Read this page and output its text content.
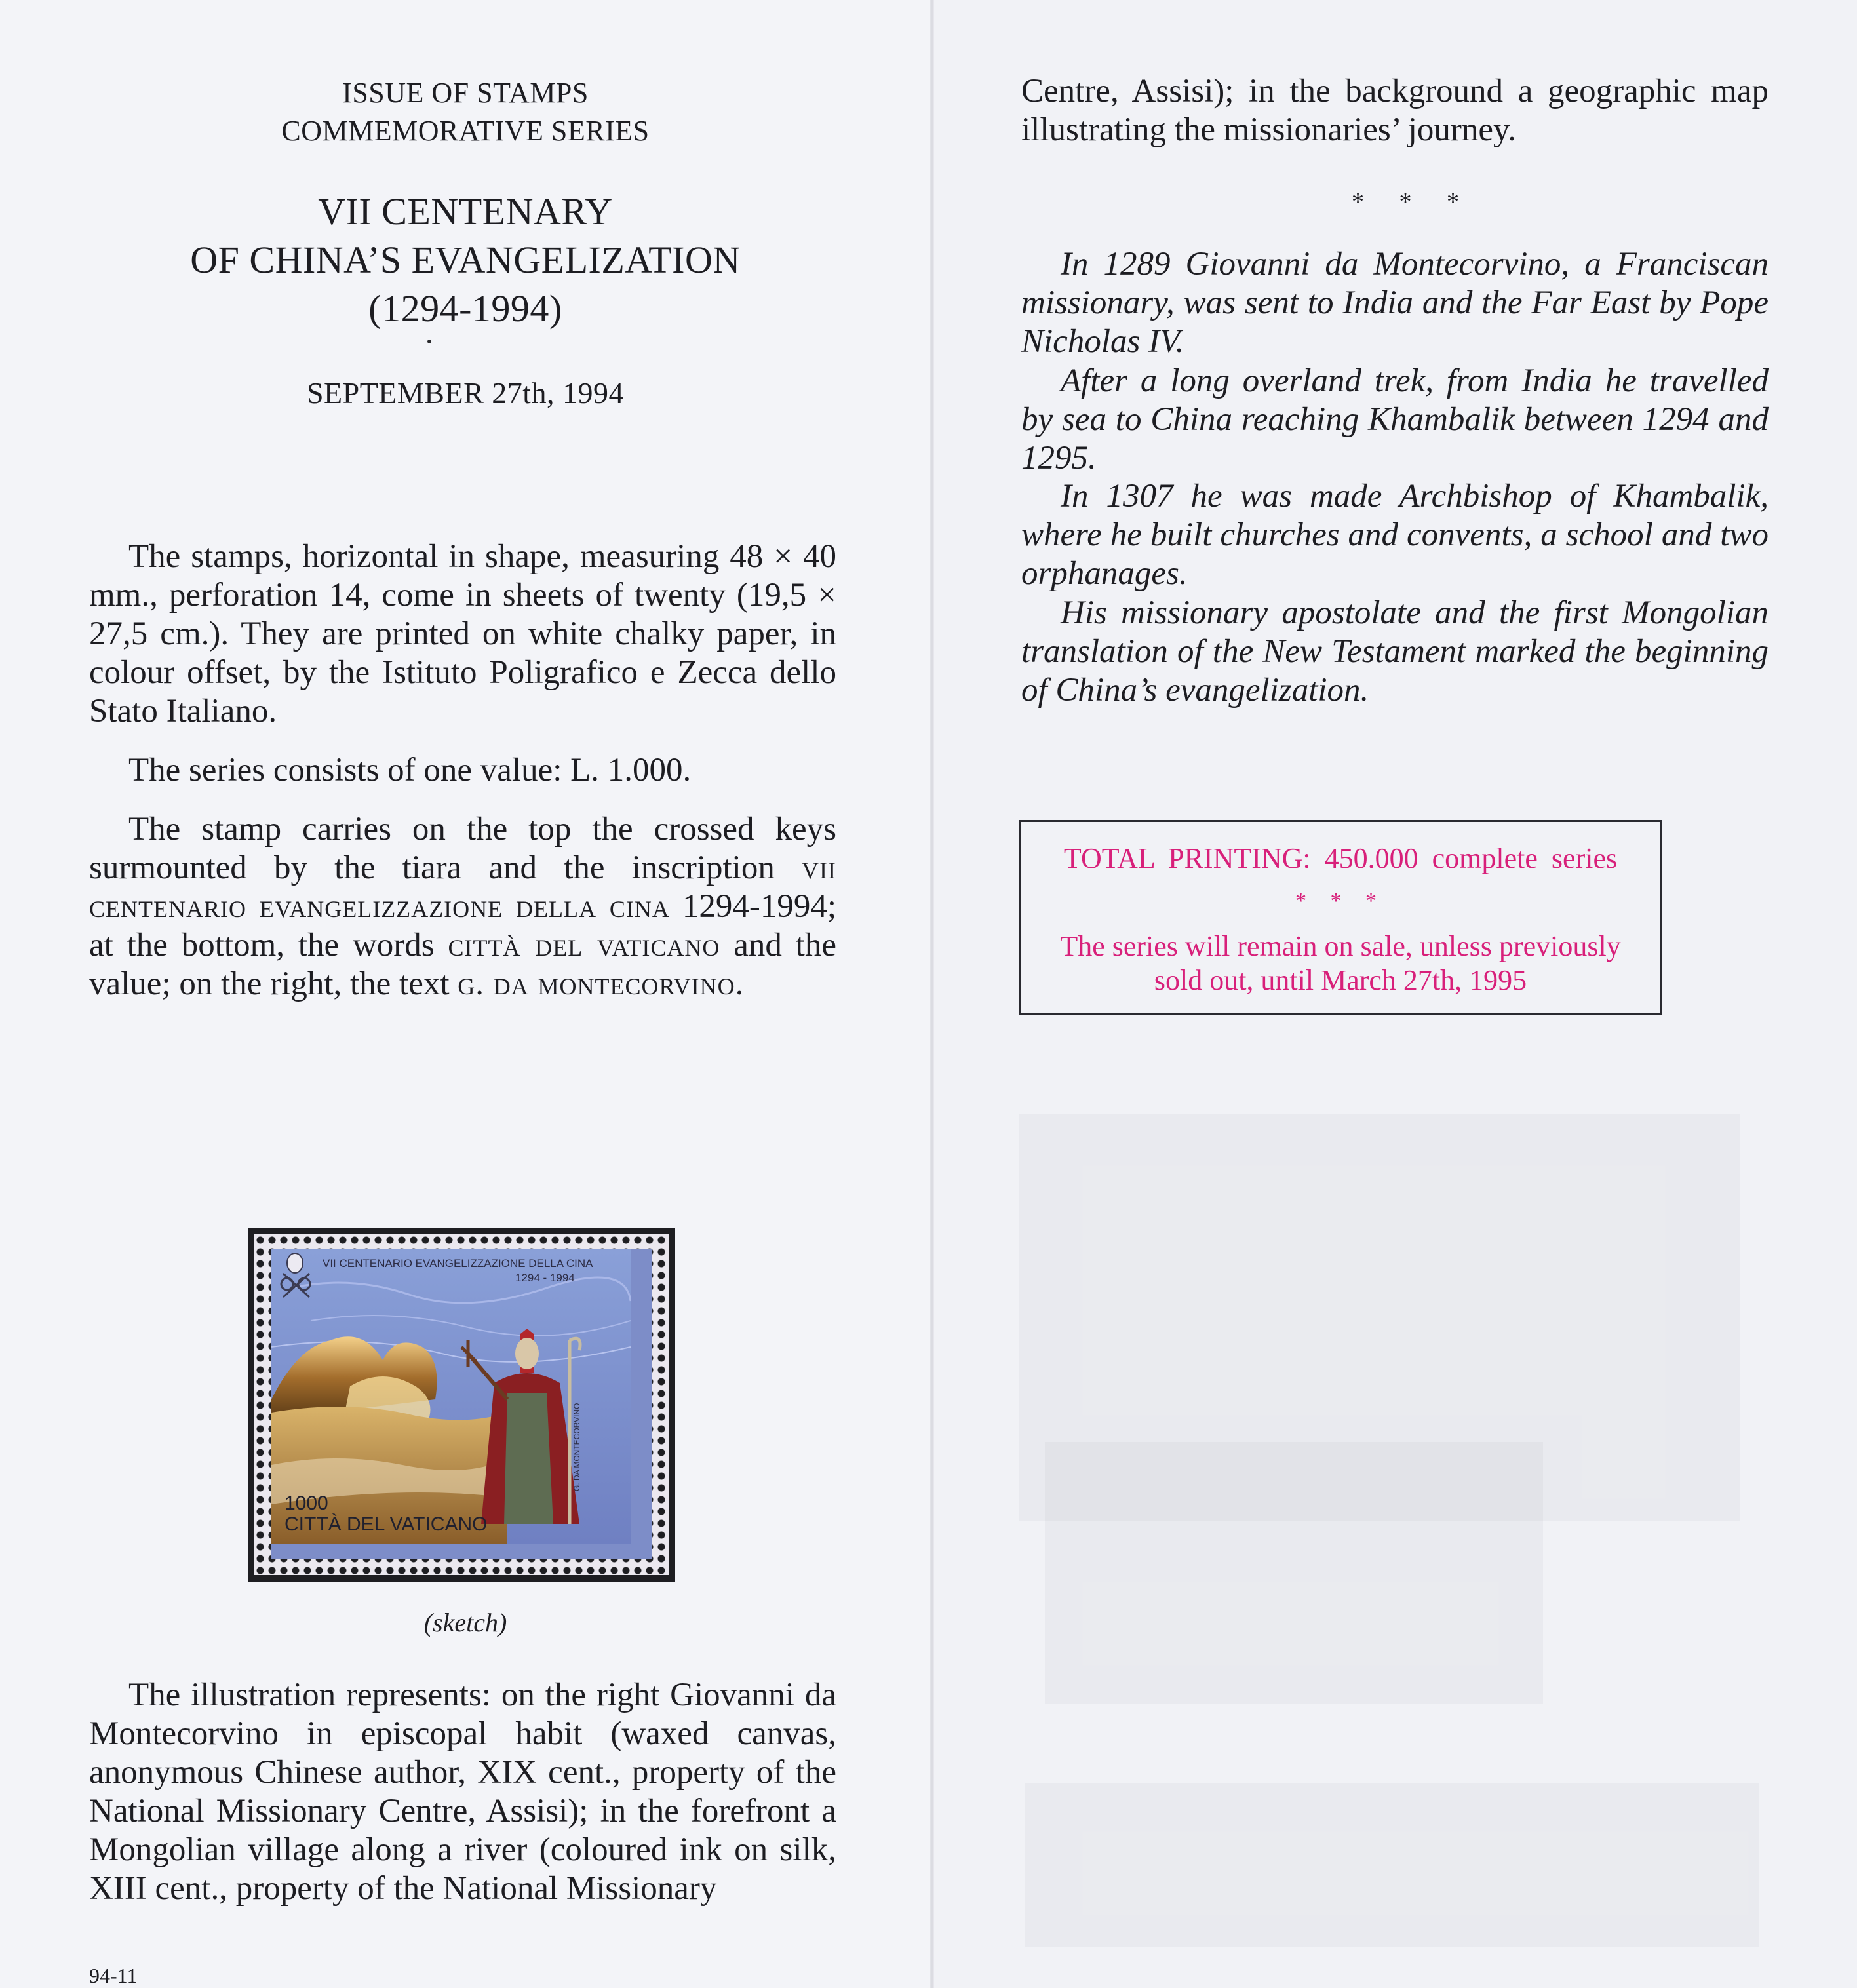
ISSUE OF STAMPS
COMMEMORATIVE SERIES
VII CENTENARY
OF CHINA’S EVANGELIZATION
(1294-1994)
SEPTEMBER 27th, 1994
The stamps, horizontal in shape, measuring 48 × 40 mm., perforation 14, come in sheets of twenty (19,5 × 27,5 cm.). They are printed on white chalky paper, in colour offset, by the Istituto Poligrafico e Zecca dello Stato Italiano.
The series consists of one value: L. 1.000.
The stamp carries on the top the crossed keys surmounted by the tiara and the inscription vii centenario evangelizzazione della cina 1294-1994; at the bottom, the words città del vaticano and the value; on the right, the text g. da montecorvino.
VII CENTENARIO EVANGELIZZAZIONE DELLA CINA
1294 - 1994
G. DA MONTECORVINO
1000
CITTÀ DEL VATICANO
(sketch)
The illustration represents: on the right Giovanni da Montecorvino in episcopal habit (waxed canvas, anonymous Chinese author, XIX cent., property of the National Missionary Centre, Assisi); in the forefront a Mongolian village along a river (coloured ink on silk, XIII cent., property of the National Missionary
94-11
Centre, Assisi); in the background a geographic map illustrating the missionaries’ journey.
* * *
In 1289 Giovanni da Montecorvino, a Franciscan missionary, was sent to India and the Far East by Pope Nicholas IV.
After a long overland trek, from India he travelled by sea to China reaching Khambalik between 1294 and 1295.
In 1307 he was made Archbishop of Khambalik, where he built churches and convents, a school and two orphanages.
His missionary apostolate and the first Mongolian translation of the New Testament marked the beginning of China’s evangelization.
TOTAL PRINTING: 450.000 complete series
* * *
The series will remain on sale, unless previously sold out, until March 27th, 1995
